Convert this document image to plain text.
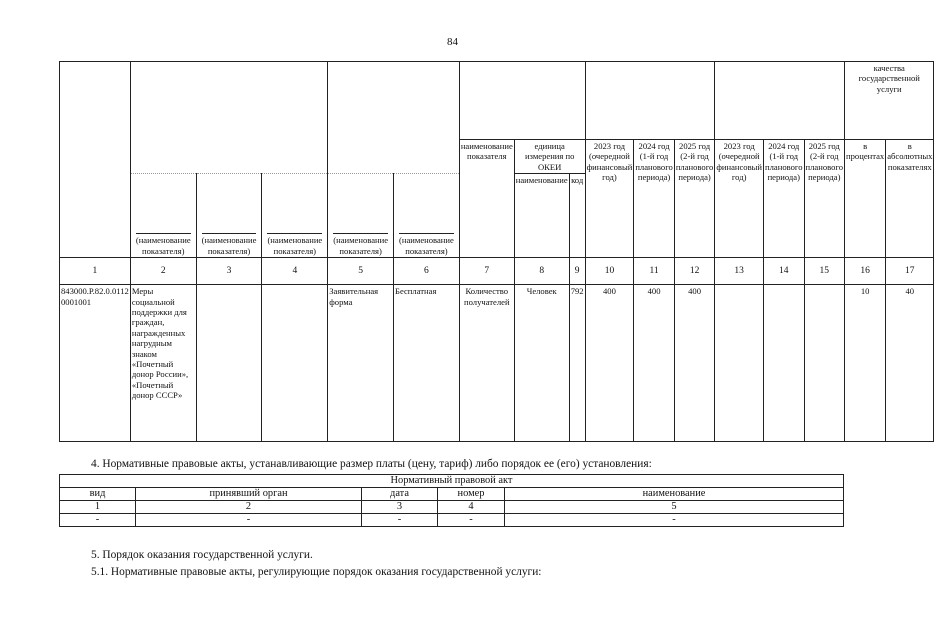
84
															качества государственной услуги	
						наименование показателя	единица измерения по ОКЕИ		2023 год (очередной финансовый год)	2024 год (1-й год планового периода)	2025 год (2-й год планового периода)	2023 год (очередной финансовый год)	2024 год (1-й год планового периода)	2025 год (2-й год планового периода)	в процентах	в абсолютных показателях

	(наименование показателя)	(наименование показателя)	(наименование показателя)	(наименование показателя)	(наименование показателя)		наименование	код								
1	2	3	4	5	6	7	8	9	10	11	12	13	14	15	16	17
843000.Р.82.0.0112 0001001	Меры социальной поддержки для граждан, награжденных нагрудным знаком «Почетный донор России», «Почетный донор СССР»			Заявительная форма	Бесплатная	Количество получателей	Человек	792	400	400	400				10	40
4. Нормативные правовые акты, устанавливающие размер платы (цену, тариф) либо порядок ее (его) установления:
Нормативный правовой акт				
вид	принявший орган	дата	номер	наименование
1	2	3	4	5
-	-	-	-	-
5. Порядок оказания государственной услуги.
5.1. Нормативные правовые акты, регулирующие порядок оказания государственной услуги:
